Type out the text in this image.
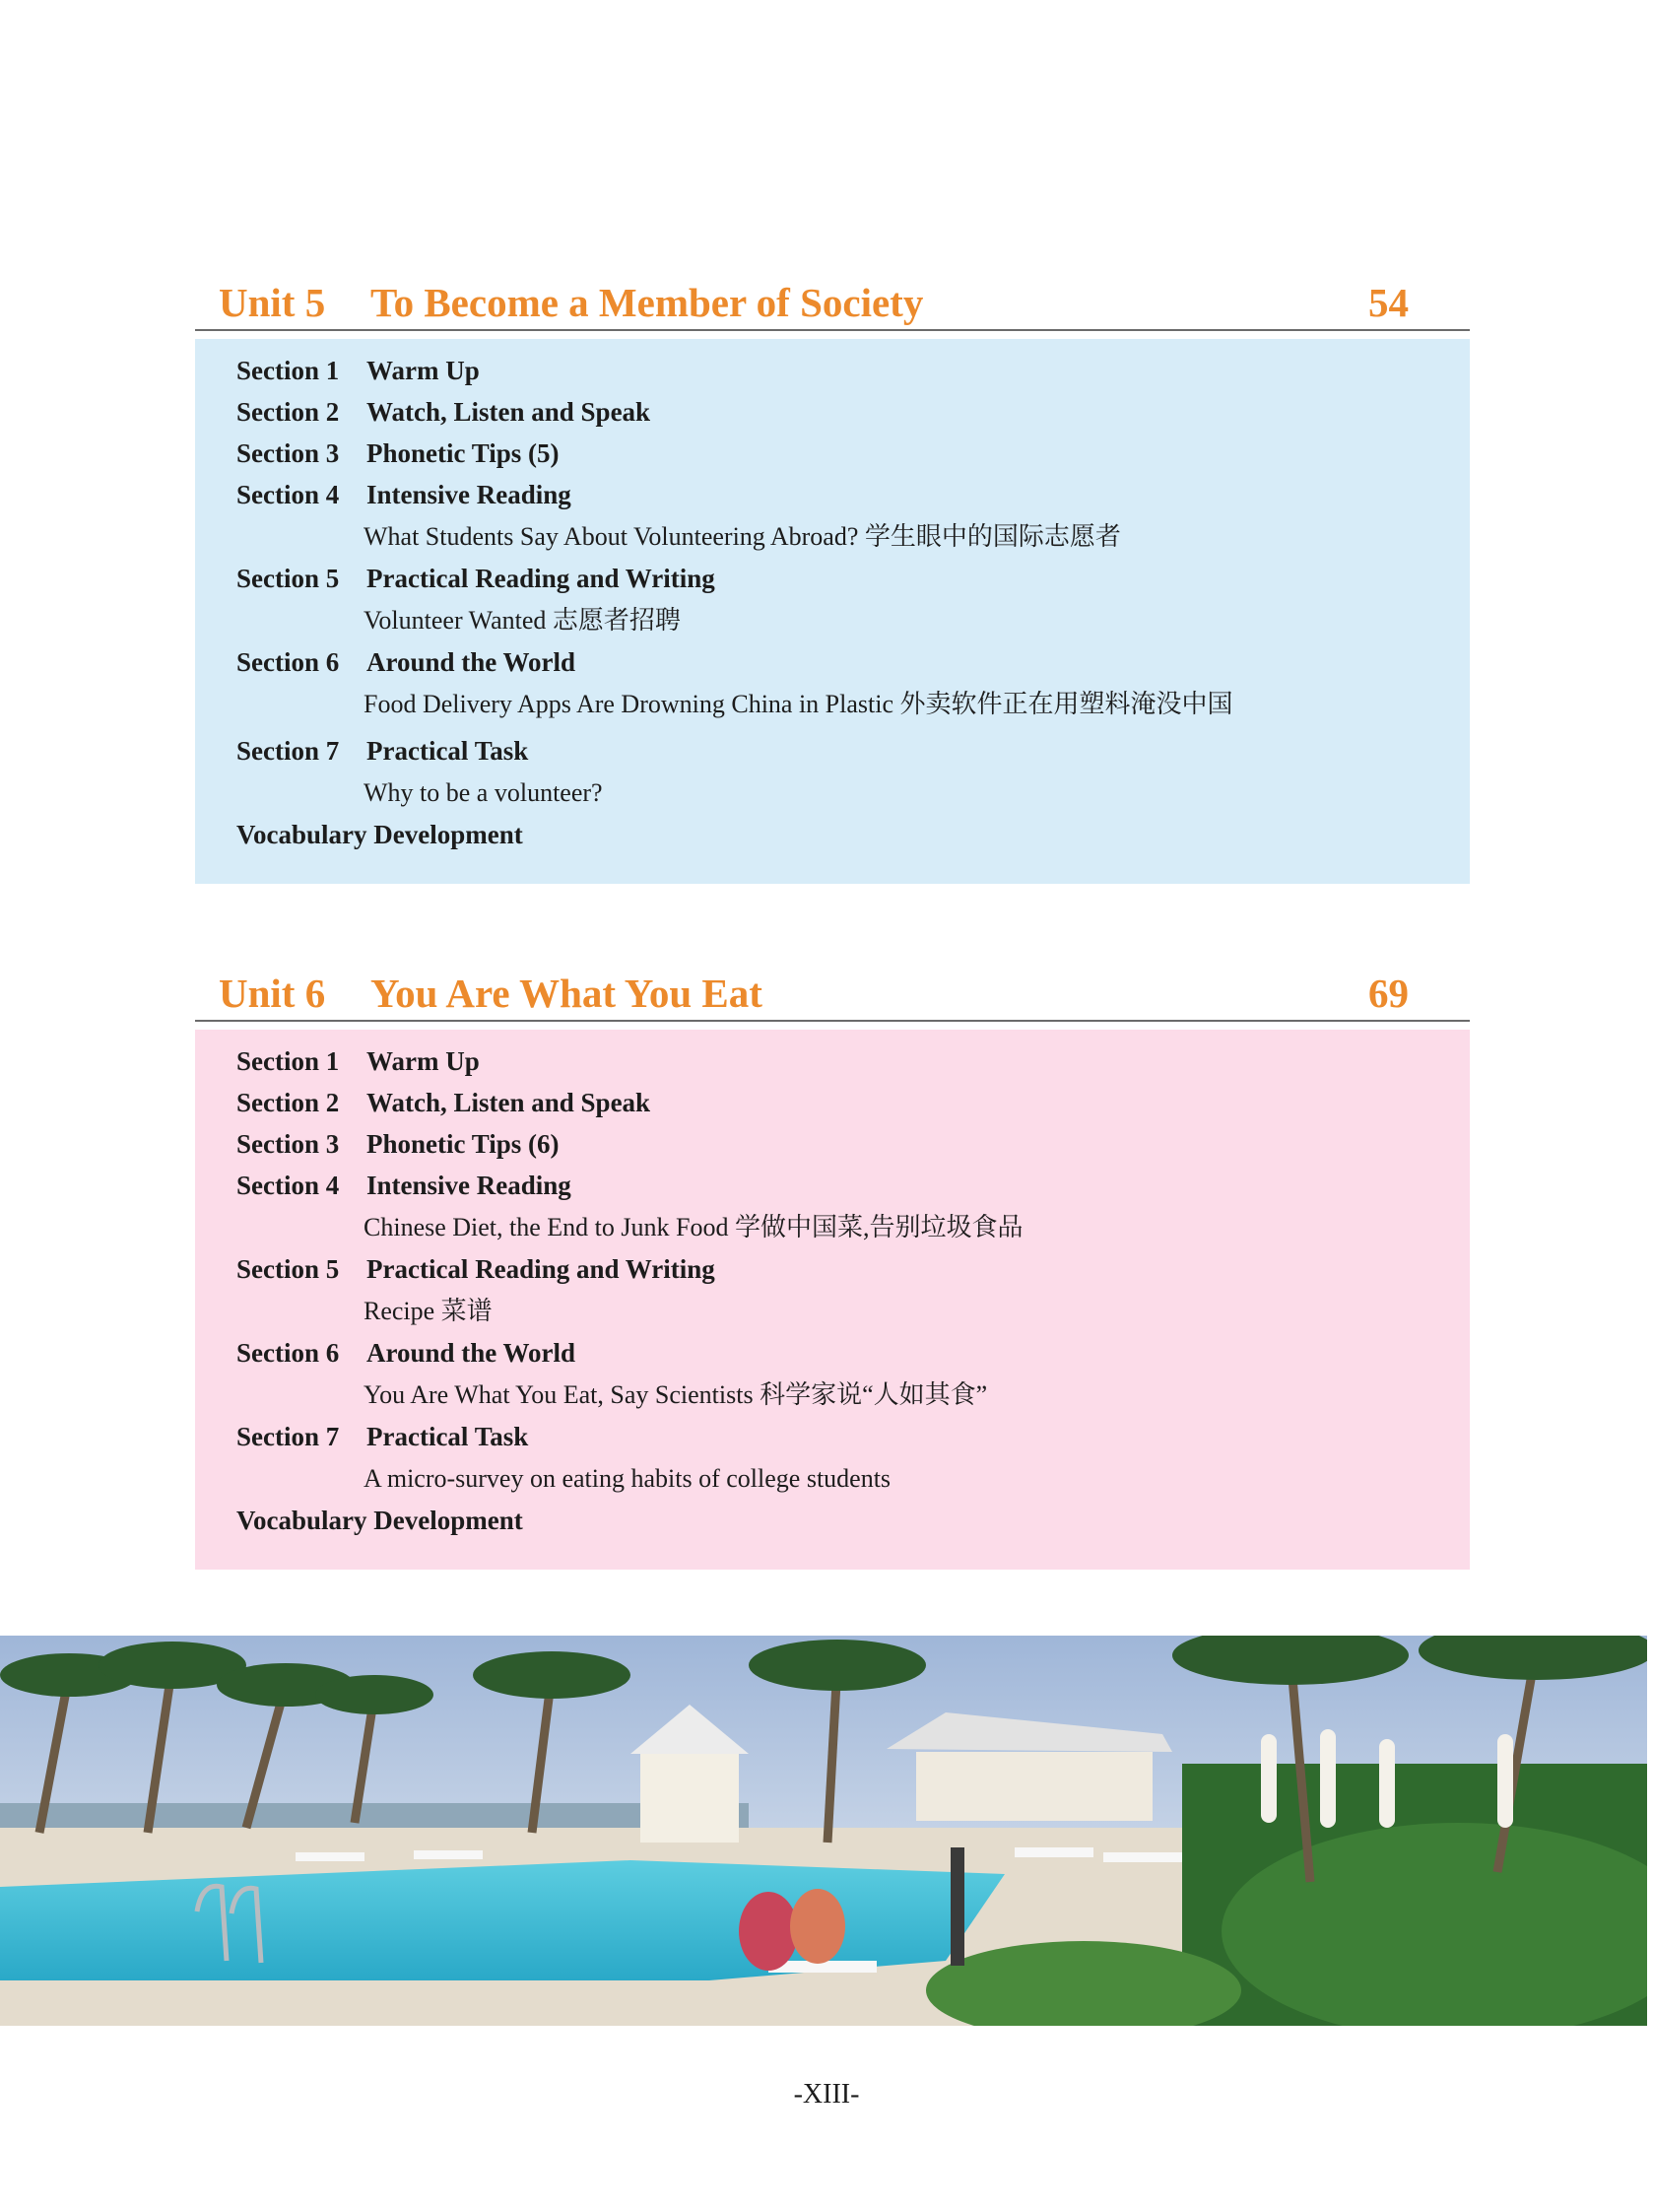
Unit 5 To Become a Member of Society	54
Section 1 Warm Up
Section 2 Watch, Listen and Speak
Section 3 Phonetic Tips (5)
Section 4 Intensive Reading
What Students Say About Volunteering Abroad? 学生眼中的国际志愿者
Section 5 Practical Reading and Writing
Volunteer Wanted 志愿者招聘
Section 6 Around the World
Food Delivery Apps Are Drowning China in Plastic 外卖软件正在用塑料淹没中国
Section 7 Practical Task
Why to be a volunteer?
Vocabulary Development
Unit 6 You Are What You Eat	69
Section 1 Warm Up
Section 2 Watch, Listen and Speak
Section 3 Phonetic Tips (6)
Section 4 Intensive Reading
Chinese Diet, the End to Junk Food 学做中国菜,告别垃圾食品
Section 5 Practical Reading and Writing
Recipe 菜谱
Section 6 Around the World
You Are What You Eat, Say Scientists 科学家说“人如其食”
Section 7 Practical Task
A micro-survey on eating habits of college students
Vocabulary Development
-XIII-
